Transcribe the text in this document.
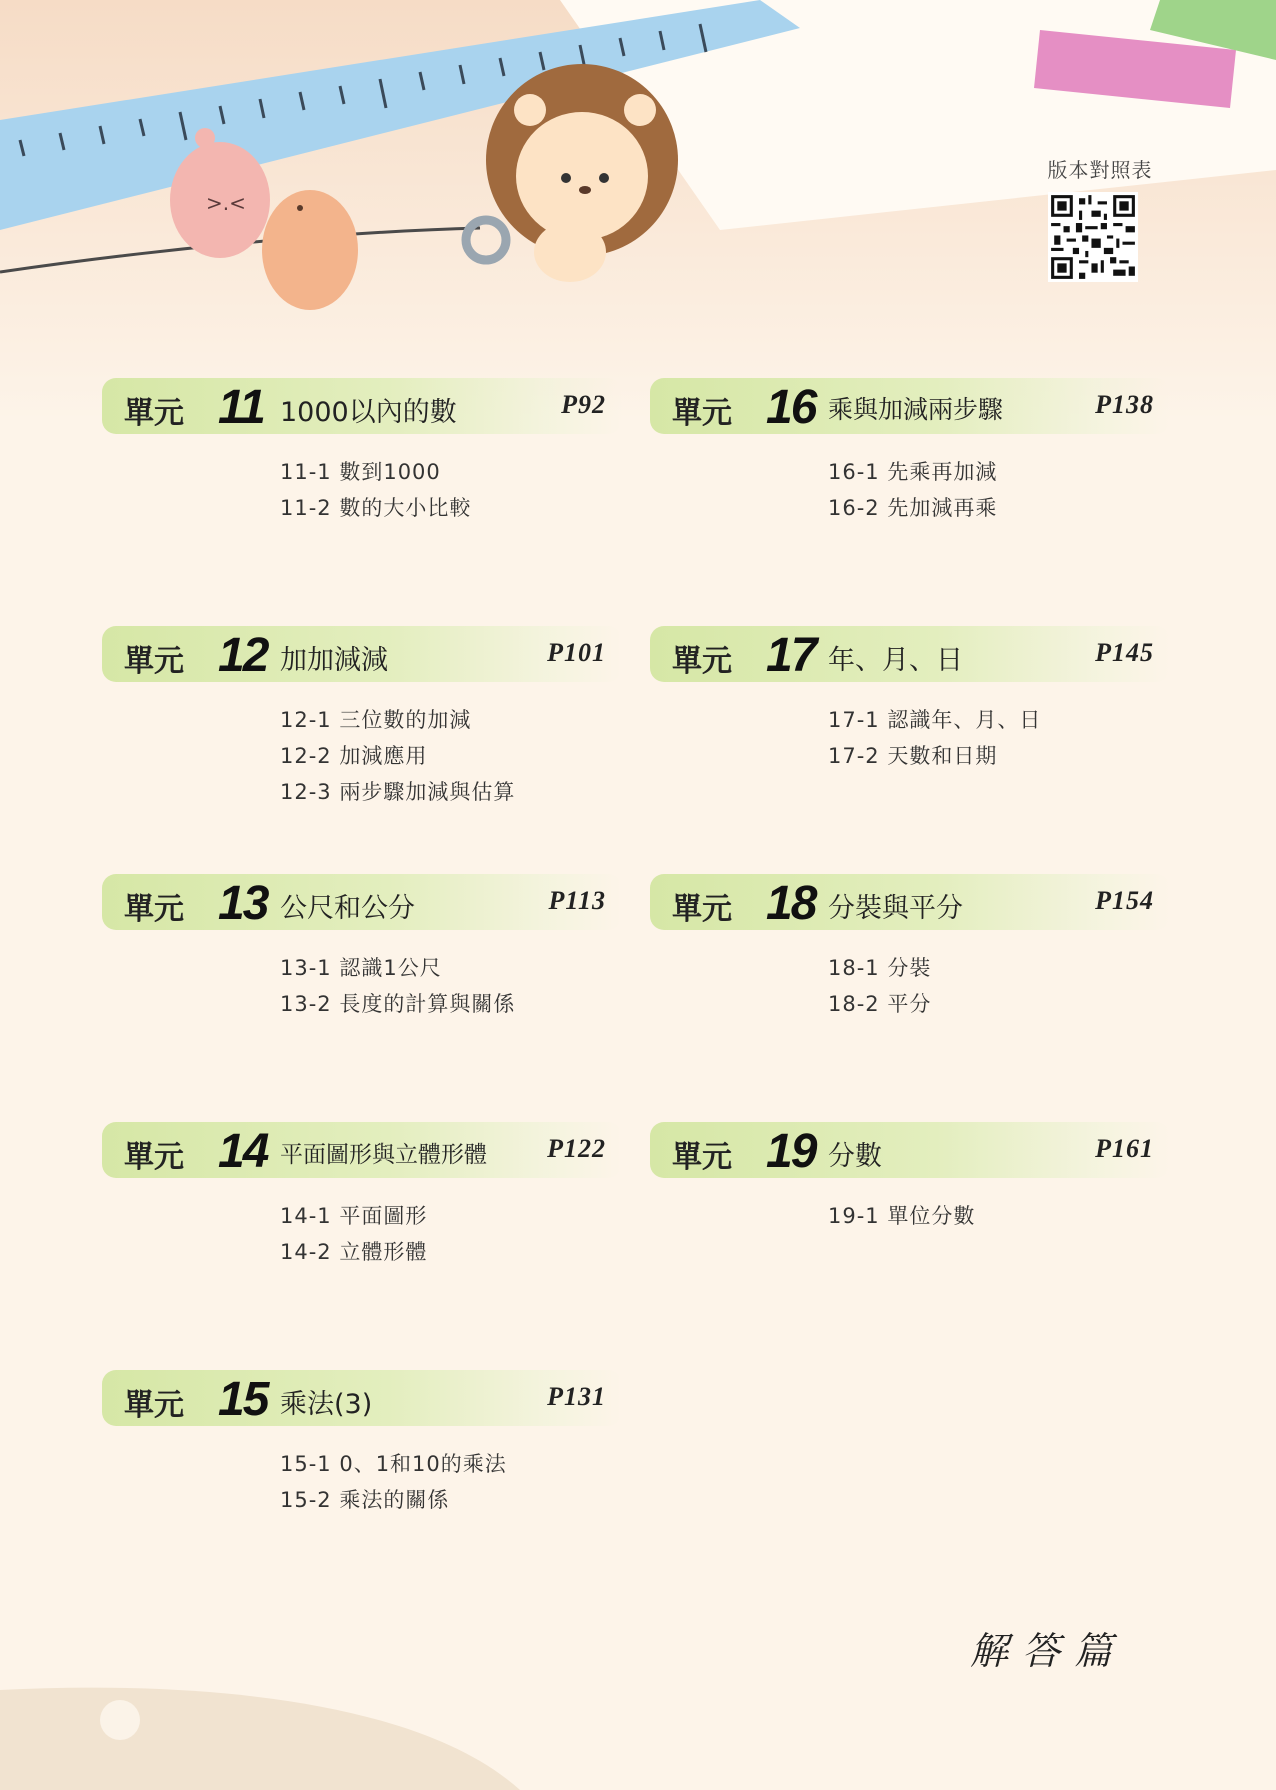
>.<
版本對照表
單元 11 1000以內的數	P92
11-1 數到1000
11-2 數的大小比較
單元 12 加加減減	P101
12-1 三位數的加減
12-2 加減應用
12-3 兩步驟加減與估算
單元 13 公尺和公分	P113
13-1 認識1公尺
13-2 長度的計算與關係
單元 14 平面圖形與立體形體 P122
14-1 平面圖形
14-2 立體形體
單元 15 乘法(3)	P131
15-1 0、1和10的乘法
15-2 乘法的關係
單元 16 乘與加減兩步驟	P138
16-1 先乘再加減
16-2 先加減再乘
單元 17 年、月、日	P145
17-1 認識年、月、日
17-2 天數和日期
單元 18 分裝與平分	P154
18-1 分裝
18-2 平分
單元 19 分數	P161
19-1 單位分數
解答篇
